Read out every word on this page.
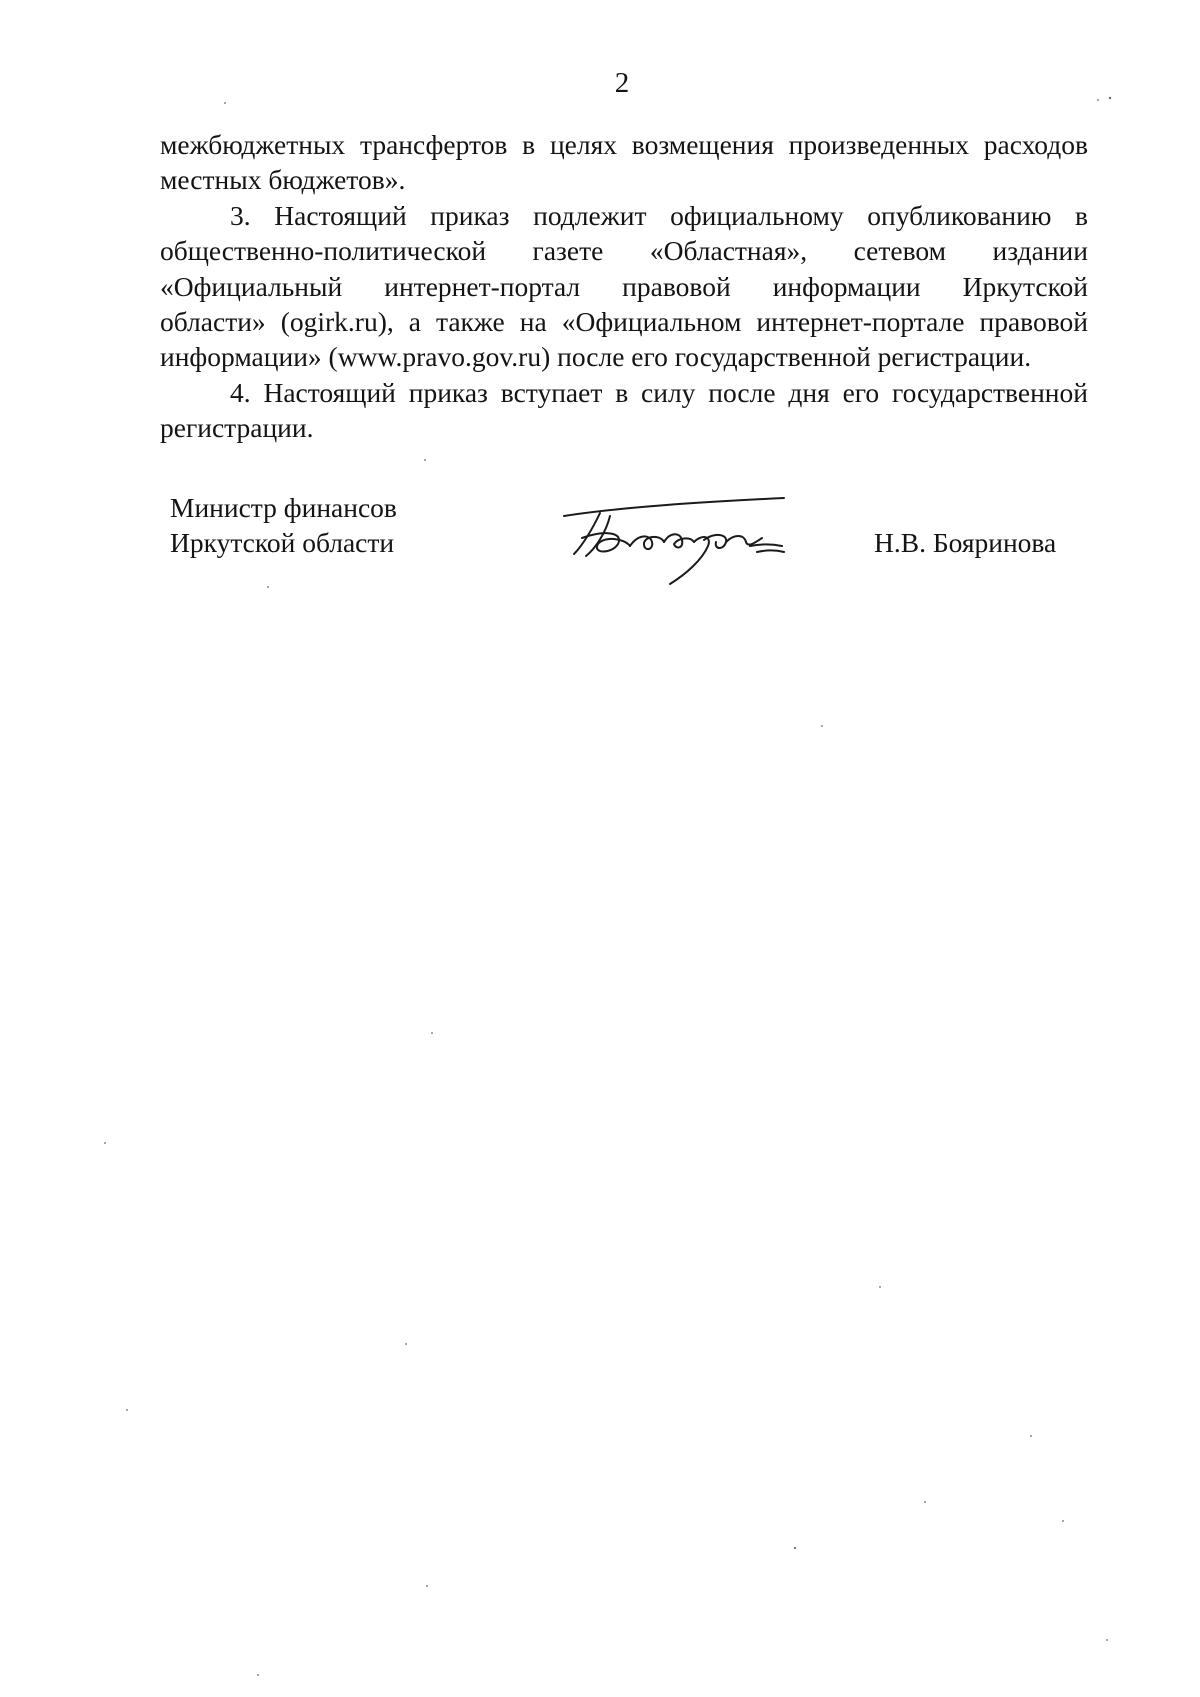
2
межбюджетных трансфертов в целях возмещения произведенных расходов
местных бюджетов».
3. Настоящий приказ подлежит официальному опубликованию в
общественно-политической газете «Областная», сетевом издании
«Официальный интернет-портал правовой информации Иркутской
области» (ogirk.ru), а также на «Официальном интернет-портале правовой
информации» (www.pravo.gov.ru) после его государственной регистрации.
4. Настоящий приказ вступает в силу после дня его государственной
регистрации.
Министр финансов
Иркутской области	Н.В. Бояринова
